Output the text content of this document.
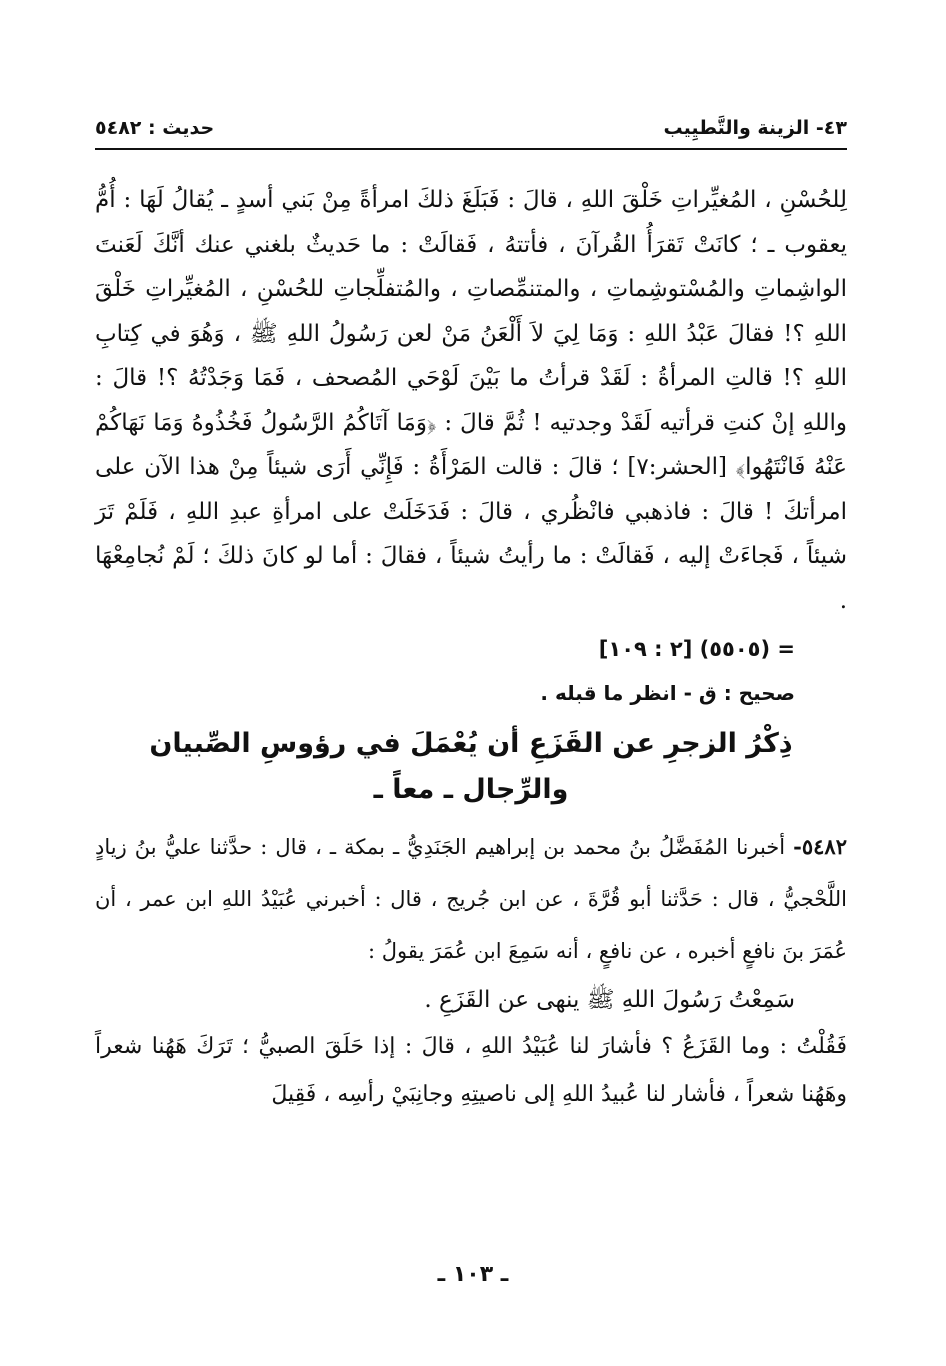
٤٣- الزينة والتَّطيِيب
حديث : ٥٤٨٢

لِلحُسْنِ ، المُغيِّراتِ خَلْقَ اللهِ ، قالَ : فَبَلَغَ ذلكَ امرأةً مِنْ بَني أسدٍ ـ يُقالُ لَهَا : أُمُّ يعقوب ـ ؛ كانَتْ تَقرَأُ القُرآنَ ، فأتتهُ ، فَقالَتْ : ما حَديثٌ بلغني عنك أنَّكَ لَعَنتَ الواشِماتِ والمُسْتوشِماتِ ، والمتنمِّصاتِ ، والمُتفلِّجاتِ للحُسْنِ ، المُغيِّراتِ خَلْقَ اللهِ ؟! فقالَ عَبْدُ اللهِ : وَمَا لِيَ لاَ أَلْعَنُ مَنْ لعن رَسُولُ اللهِ ﷺ ، وَهُوَ في كِتابِ اللهِ ؟! قالتِ المرأةُ : لَقَدْ قرأتُ ما بَيْنَ لَوْحَي المُصحف ، فَمَا وَجَدْتُهُ ؟! قالَ : واللهِ إنْ كنتِ قرأتيه لَقَدْ وجدتيه ! ثُمَّ قالَ : ﴿وَمَا آتَاكُمُ الرَّسُولُ فَخُذُوهُ وَمَا نَهَاكُمْ عَنْهُ فَانْتَهُوا﴾ [الحشر:٧] ؛ قالَ : قالت المَرْأَةُ : فَإِنِّي أَرَى شيئاً مِنْ هذا الآن على امرأتكَ ! قالَ : فاذهبي فانْظُري ، قالَ : فَدَخَلَتْ على امرأةِ عبدِ اللهِ ، فَلَمْ تَرَ شيئاً ، فَجاءَتْ إليه ، فَقالَتْ : ما رأيتُ شيئاً ، فقالَ : أما لو كانَ ذلكَ ؛ لَمْ نُجامِعْهَا .

= (٥٥٠٥) [٢ : ١٠٩]

صحيح : ق - انظر ما قبله .

ذِكْرُ الزجرِ عن القَزَعِ أن يُعْمَلَ في رؤوسِ الصِّبيان
والرِّجال ـ معاً ـ

٥٤٨٢- أخبرنا المُفَضَّلُ بنُ محمد بن إبراهيم الجَنَدِيُّ ـ بمكة ـ ، قال : حدَّثنا عليُّ بنُ زيادٍ اللَّحْجيُّ ، قال : حَدَّثنا أبو قُرَّةَ ، عن ابن جُريج ، قال : أخبرني عُبَيْدُ اللهِ ابن عمر ، أن عُمَرَ بنَ نافعٍ أخبره ، عن نافعٍ ، أنه سَمِعَ ابن عُمَرَ يقولُ :

سَمِعْتُ رَسُولَ اللهِ ﷺ ينهى عن القَزَعِ .

فَقُلْتُ : وما القَزَعُ ؟ فأشارَ لنا عُبَيْدُ اللهِ ، قالَ : إذا حَلَقَ الصبيُّ ؛ تَرَكَ هَهُنا شعراً وهَهُنا شعراً ، فأشار لنا عُبيدُ اللهِ إلى ناصيتِهِ وجانِبَيْ رأسِه ، فَقِيلَ

ـ ١٠٣ ـ
